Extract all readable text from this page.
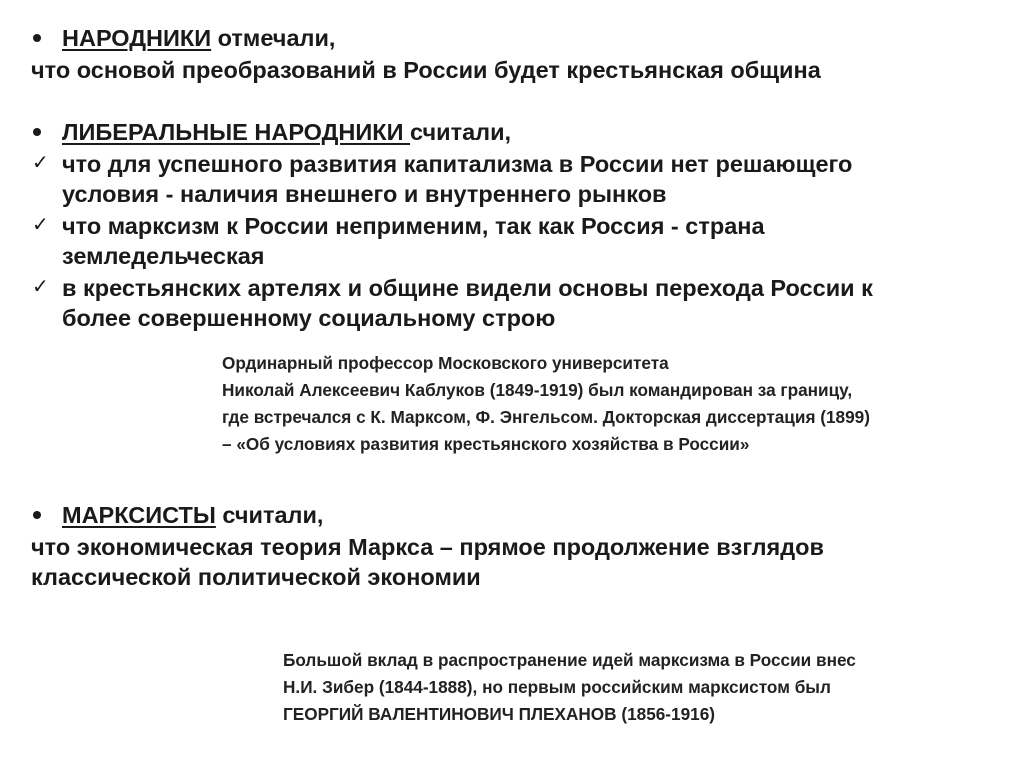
НАРОДНИКИ отмечали,
что основой преобразований в России будет крестьянская община
ЛИБЕРАЛЬНЫЕ НАРОДНИКИ считали,
✓ что для успешного развития капитализма в России нет решающего
условия - наличия внешнего и внутреннего рынков
✓ что марксизм к России неприменим, так как Россия - страна
земледельческая
✓ в крестьянских артелях и общине видели основы перехода России к
более совершенному социальному строю
Ординарный профессор Московского университета
Николай Алексеевич Каблуков (1849-1919) был командирован за границу,
где встречался с К. Марксом, Ф. Энгельсом. Докторская диссертация (1899)
– «Об условиях развития крестьянского хозяйства в России»
МАРКСИСТЫ считали,
что экономическая теория Маркса – прямое продолжение взглядов
классической политической экономии
Большой вклад в распространение идей марксизма в России внес
Н.И. Зибер (1844-1888), но первым российским марксистом был
ГЕОРГИЙ ВАЛЕНТИНОВИЧ ПЛЕХАНОВ (1856-1916)
